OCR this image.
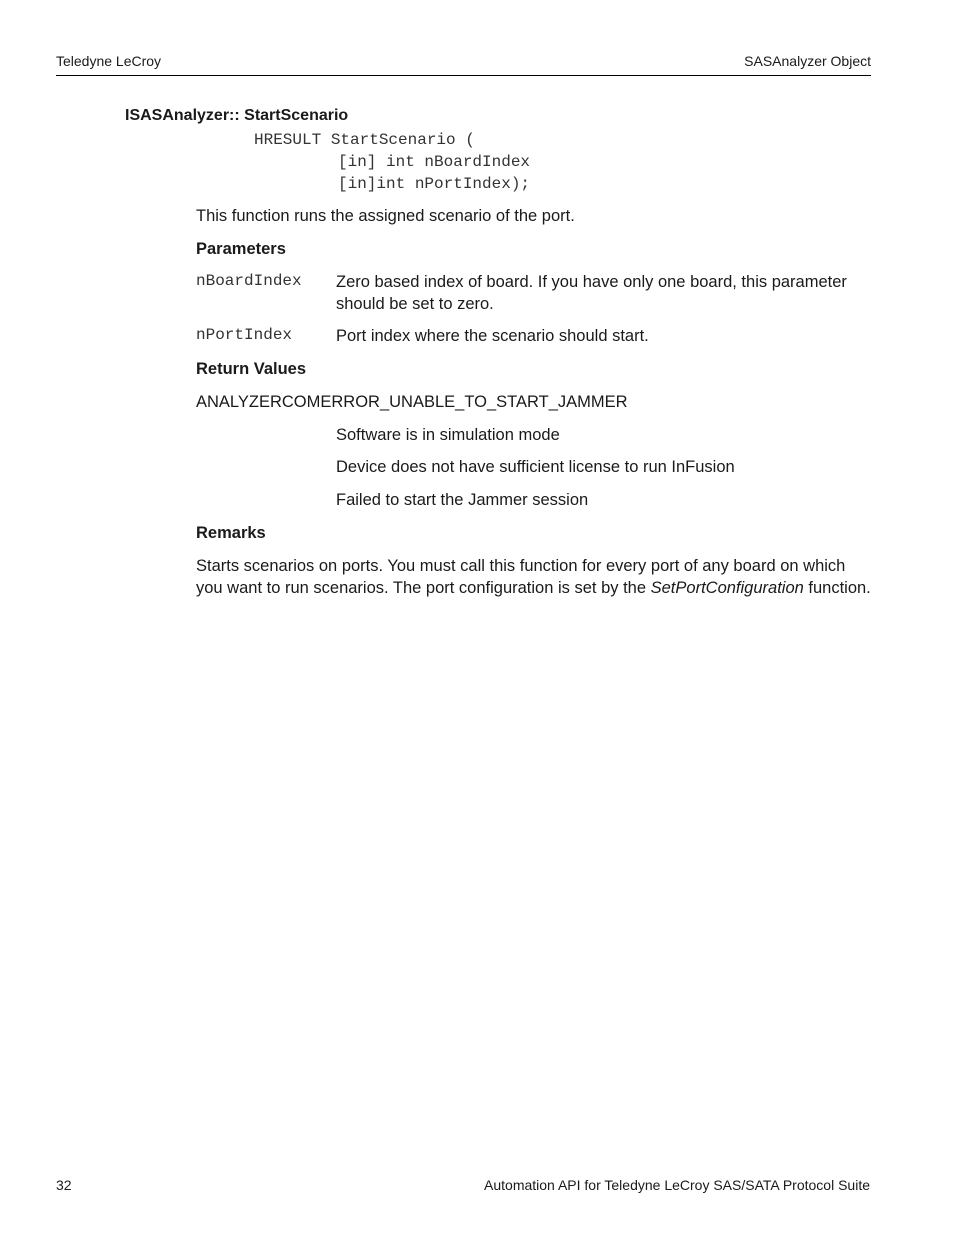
Teledyne LeCroy	SASAnalyzer Object
ISASAnalyzer:: StartScenario
HRESULT StartScenario (
[in] int nBoardIndex
[in]int nPortIndex);
This function runs the assigned scenario of the port.
Parameters
nBoardIndex Zero based index of board. If you have only one board, this parameter should be set to zero.
nPortIndex	Port index where the scenario should start.
Return Values
ANALYZERCOMERROR_UNABLE_TO_START_JAMMER
Software is in simulation mode
Device does not have sufficient license to run InFusion
Failed to start the Jammer session
Remarks
Starts scenarios on ports. You must call this function for every port of any board on which you want to run scenarios. The port configuration is set by the SetPortConfiguration function.
32	Automation API for Teledyne LeCroy SAS/SATA Protocol Suite
